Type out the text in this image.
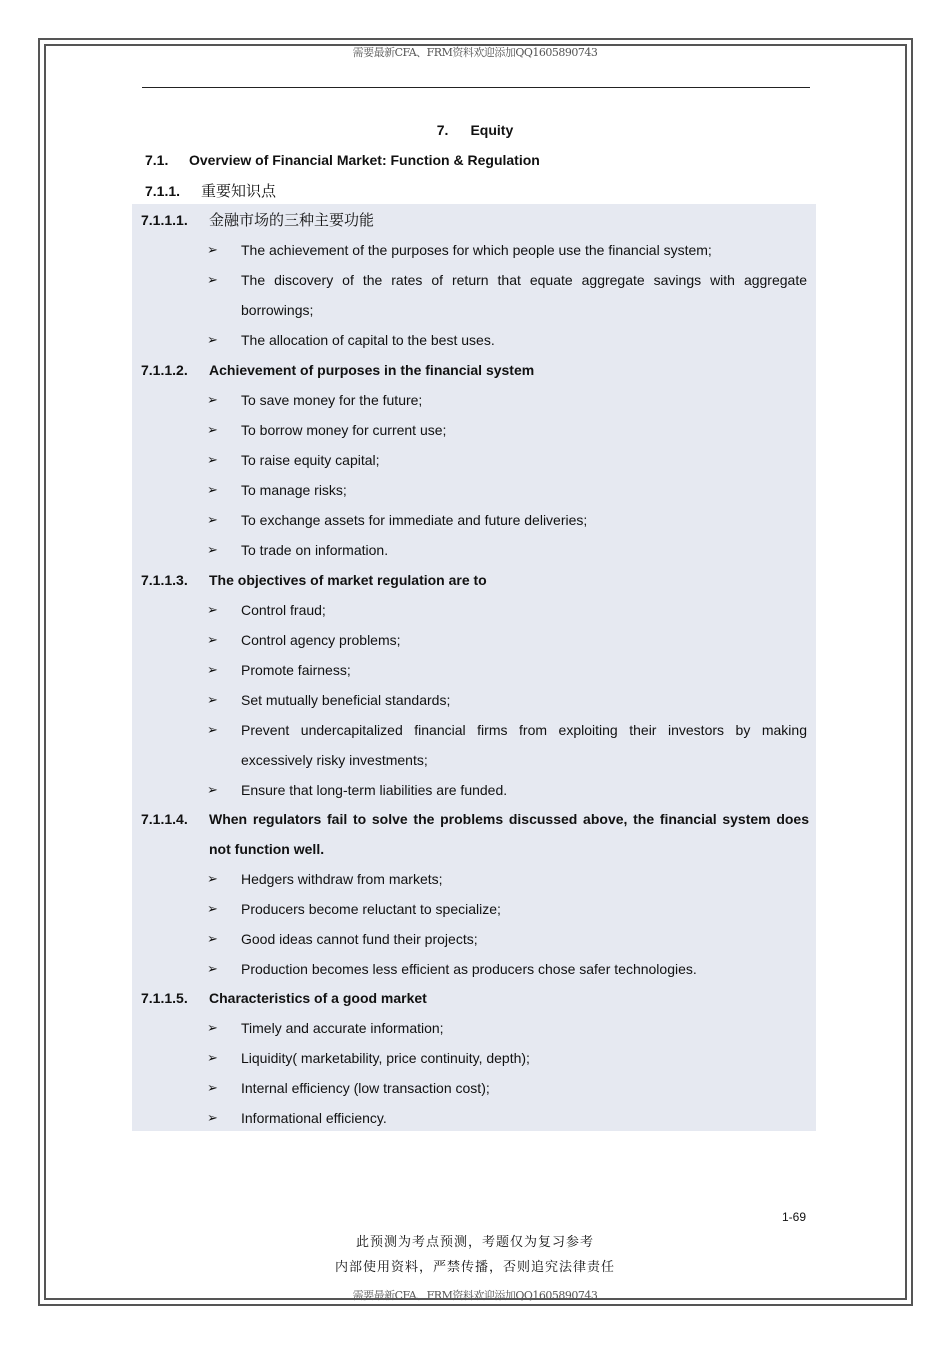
需要最新CFA、FRM资料欢迎添加QQ1605890743
7. Equity
7.1. Overview of Financial Market: Function & Regulation
7.1.1. 重要知识点
7.1.1.1. 金融市场的三种主要功能
➢ The achievement of the purposes for which people use the financial system;
➢ The discovery of the rates of return that equate aggregate savings with aggregate borrowings;
➢ The allocation of capital to the best uses.
7.1.1.2. Achievement of purposes in the financial system
➢ To save money for the future;
➢ To borrow money for current use;
➢ To raise equity capital;
➢ To manage risks;
➢ To exchange assets for immediate and future deliveries;
➢ To trade on information.
7.1.1.3. The objectives of market regulation are to
➢ Control fraud;
➢ Control agency problems;
➢ Promote fairness;
➢ Set mutually beneficial standards;
➢ Prevent undercapitalized financial firms from exploiting their investors by making excessively risky investments;
➢ Ensure that long-term liabilities are funded.
7.1.1.4. When regulators fail to solve the problems discussed above, the financial system does not function well.
➢ Hedgers withdraw from markets;
➢ Producers become reluctant to specialize;
➢ Good ideas cannot fund their projects;
➢ Production becomes less efficient as producers chose safer technologies.
7.1.1.5. Characteristics of a good market
➢ Timely and accurate information;
➢ Liquidity( marketability, price continuity, depth);
➢ Internal efficiency (low transaction cost);
➢ Informational efficiency.
1-69
此预测为考点预测，考题仅为复习参考
内部使用资料，严禁传播，否则追究法律责任
需要最新CFA、FRM资料欢迎添加QQ1605890743
